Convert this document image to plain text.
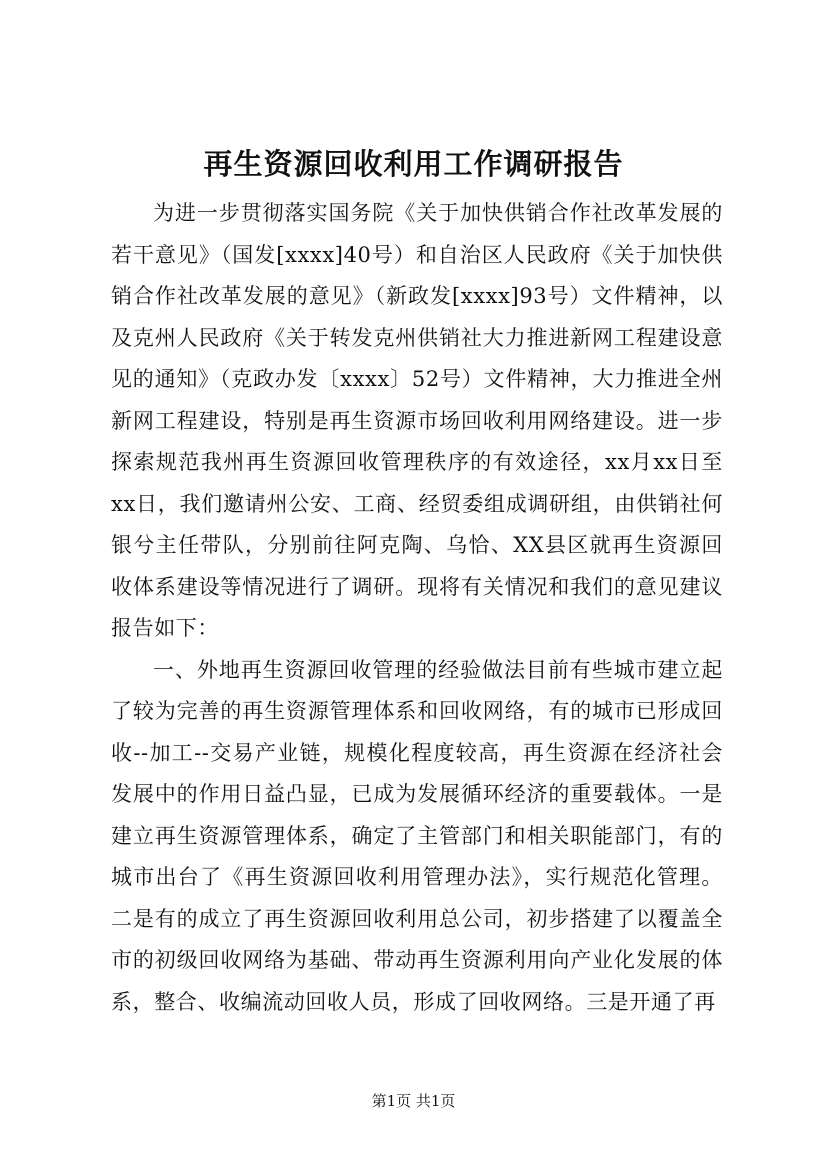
再生资源回收利用工作调研报告

为进一步贯彻落实国务院《关于加快供销合作社改革发展的若干意见》（国发[xxxx]40号）和自治区人民政府《关于加快供销合作社改革发展的意见》（新政发[xxxx]93号）文件精神，以及克州人民政府《关于转发克州供销社大力推进新网工程建设意见的通知》（克政办发〔xxxx〕52号）文件精神，大力推进全州新网工程建设，特别是再生资源市场回收利用网络建设。进一步探索规范我州再生资源回收管理秩序的有效途径，xx月xx日至xx日，我们邀请州公安、工商、经贸委组成调研组，由供销社何银兮主任带队，分别前往阿克陶、乌恰、XX县区就再生资源回收体系建设等情况进行了调研。现将有关情况和我们的意见建议报告如下：

一、外地再生资源回收管理的经验做法目前有些城市建立起了较为完善的再生资源管理体系和回收网络，有的城市已形成回收--加工--交易产业链，规模化程度较高，再生资源在经济社会发展中的作用日益凸显，已成为发展循环经济的重要载体。一是建立再生资源管理体系，确定了主管部门和相关职能部门，有的城市出台了《再生资源回收利用管理办法》，实行规范化管理。二是有的成立了再生资源回收利用总公司，初步搭建了以覆盖全市的初级回收网络为基础、带动再生资源利用向产业化发展的体系，整合、收编流动回收人员，形成了回收网络。三是开通了再

第1页 共1页
